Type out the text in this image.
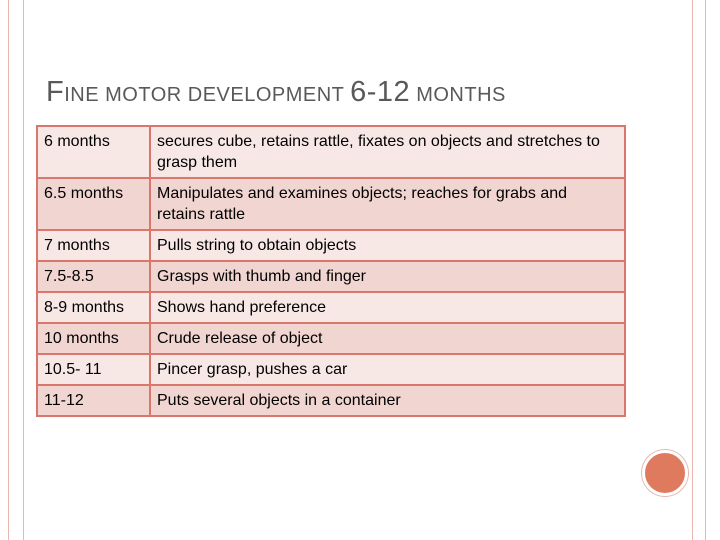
FINE MOTOR DEVELOPMENT 6-12 MONTHS
6 months	secures cube, retains rattle, fixates on objects and stretches to grasp them
6.5 months	Manipulates and examines objects; reaches for grabs and retains rattle
7 months	Pulls string to obtain objects
7.5-8.5	Grasps with thumb and finger
8-9 months	Shows hand preference
10 months	Crude release of object
10.5- 11	Pincer grasp, pushes a car
11-12	Puts several objects in a container
